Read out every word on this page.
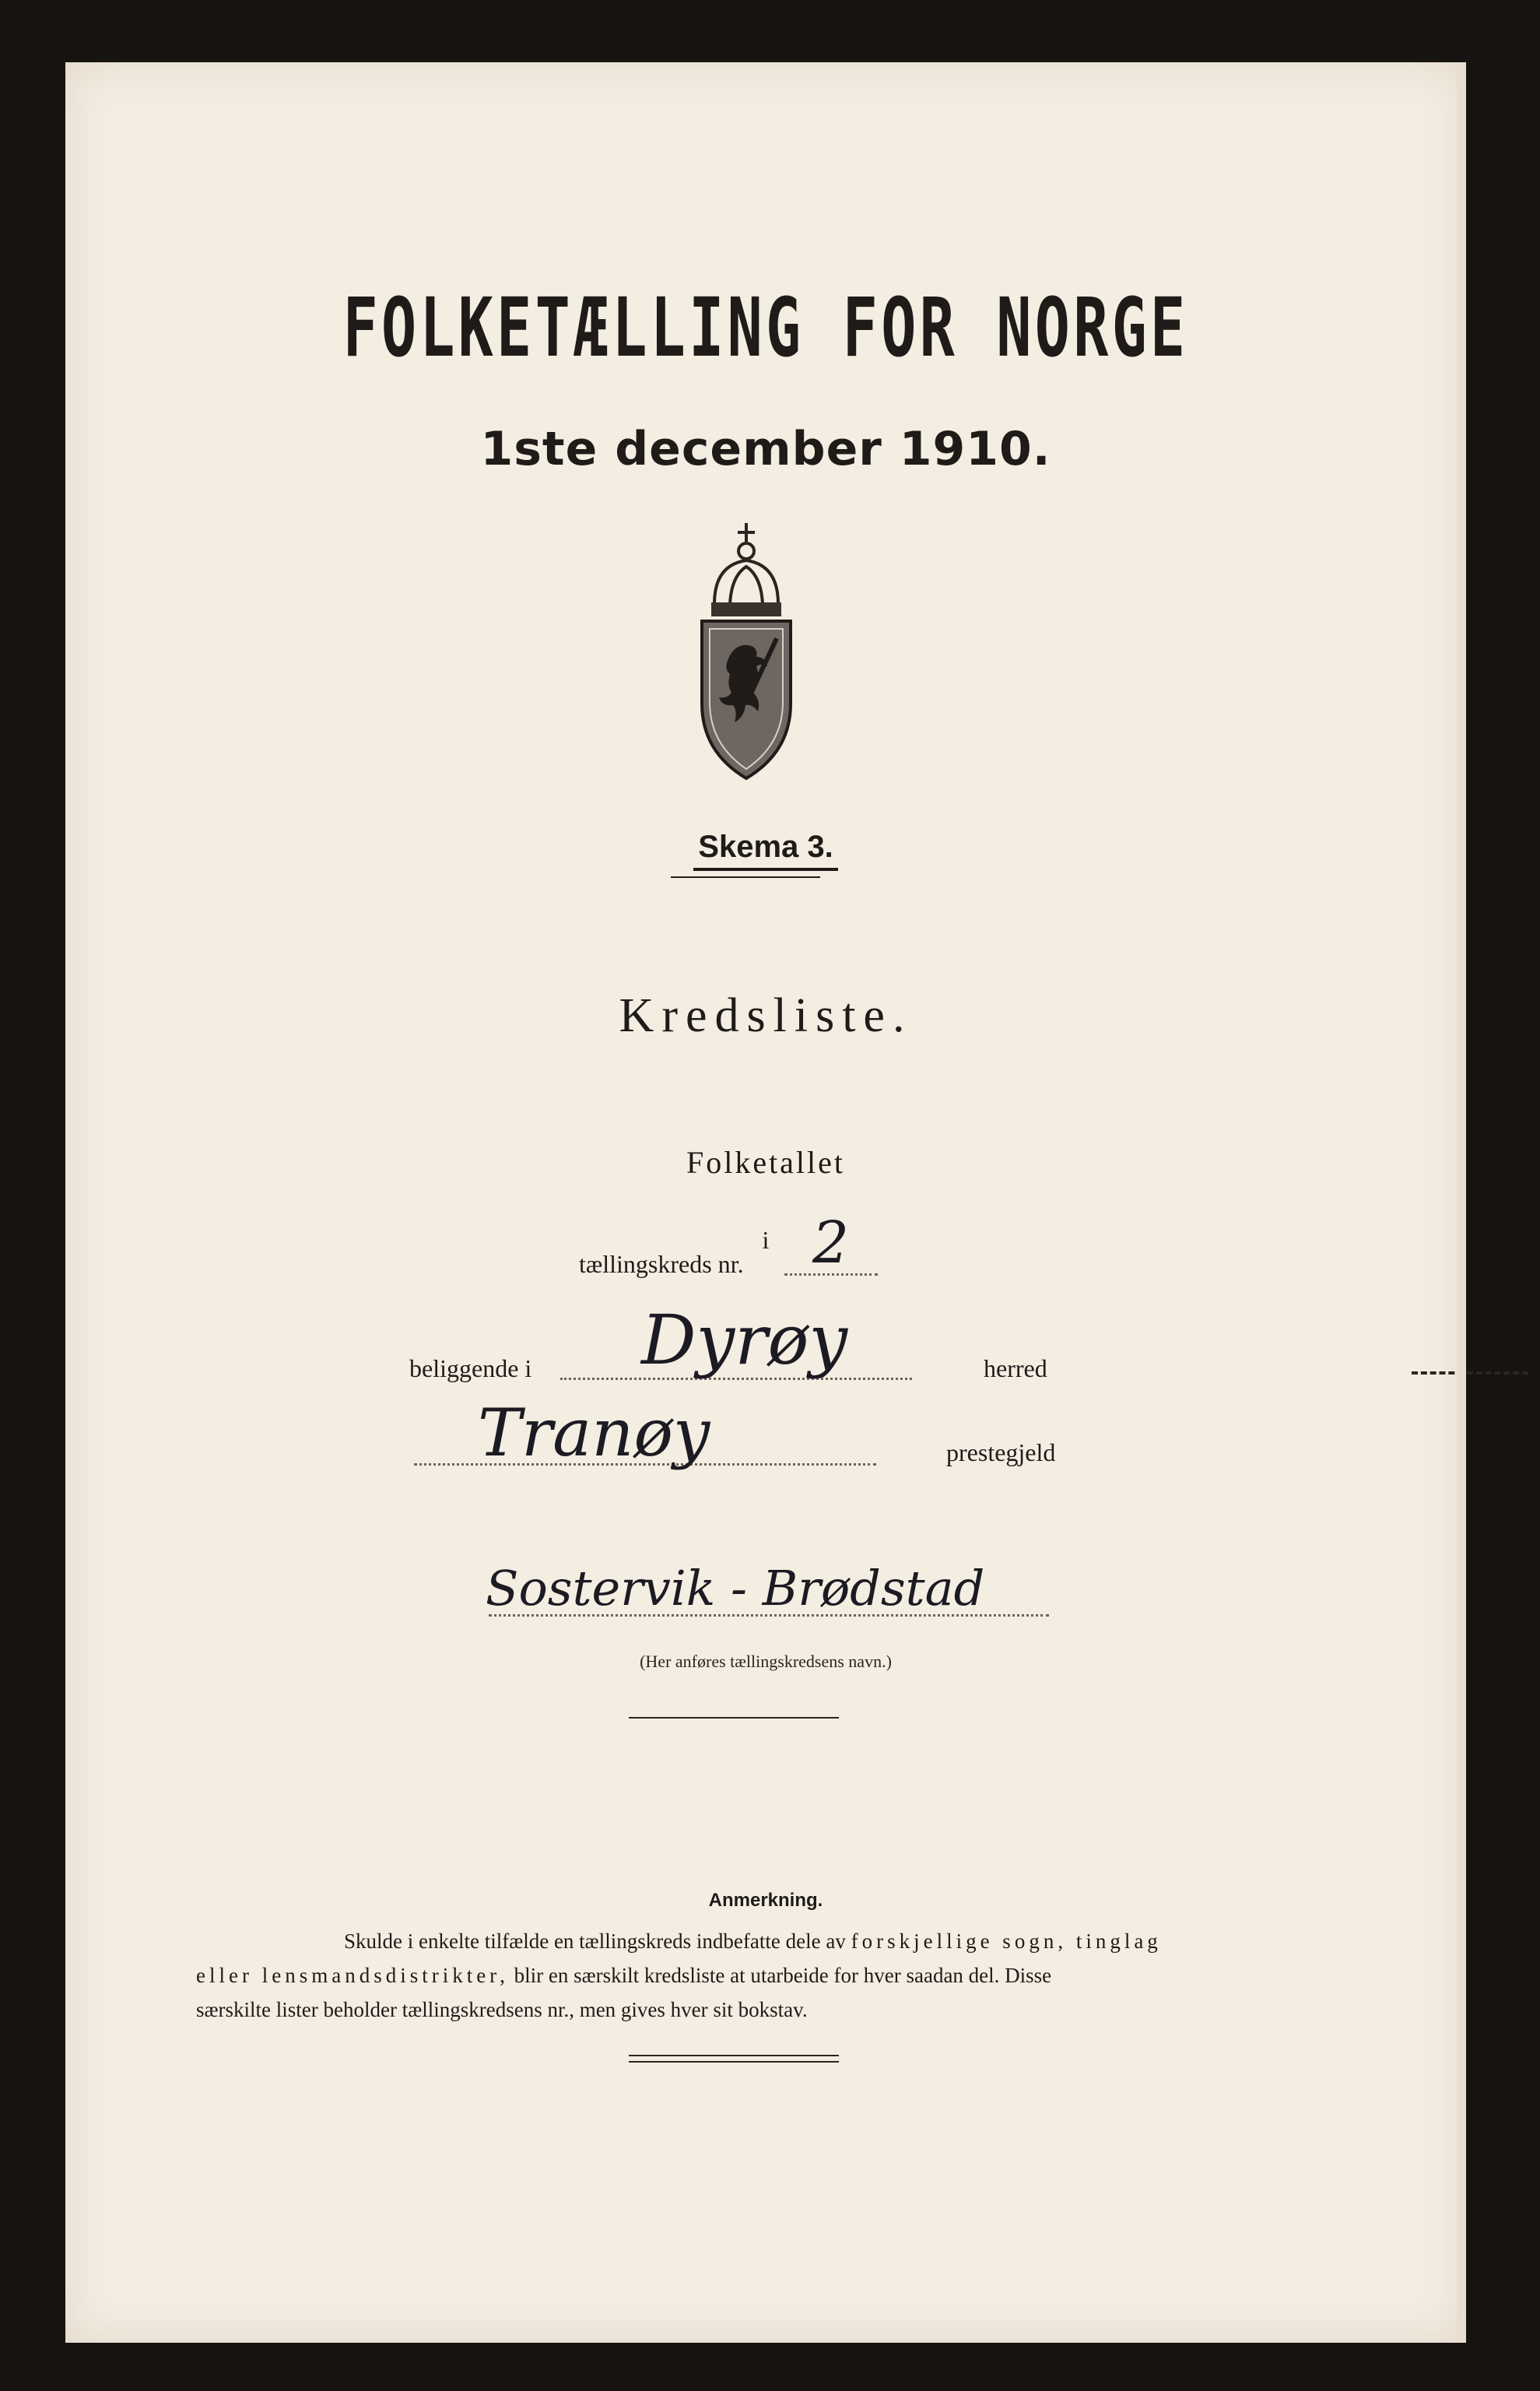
FOLKETÆLLING FOR NORGE
1ste december 1910.
Skema 3.
Kredsliste.
Folketallet
i
tællingskreds nr. 2
beliggende i Dyrøy	herred
Tranøy	prestegjeld
Sostervik - Brødstad
(Her anføres tællingskredsens navn.)
Anmerkning.
Skulde i enkelte tilfælde en tællingskreds indbefatte dele av forskjellige sogn, tinglag
eller lensmandsdistrikter, blir en særskilt kredsliste at utarbeide for hver saadan del. Disse
særskilte lister beholder tællingskredsens nr., men gives hver sit bokstav.
